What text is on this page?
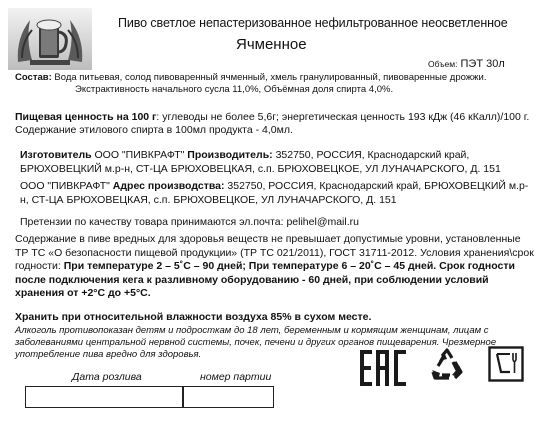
Пиво светлое непастеризованное нефильтрованное неосветленное
Ячменное
Объем: ПЭТ 30л
Состав: Вода питьевая, солод пивоваренный ячменный, хмель гранулированный, пивоваренные дрожжи.
Экстрактивность начального сусла 11,0%, Объёмная доля спирта 4,0%.
Пищевая ценность на 100 г: углеводы не более 5,6г; энергетическая ценность 193 кДж (46 кКалл)/100 г. Содержание этилового спирта в 100мл продукта - 4,0мл.
Изготовитель ООО "ПИВКРАФТ" Производитель: 352750, РОССИЯ, Краснодарский край, БРЮХОВЕЦКИЙ м.р-н, СТ-ЦА БРЮХОВЕЦКАЯ, с.п. БРЮХОВЕЦКОЕ, УЛ ЛУНАЧАРСКОГО, Д. 151
ООО "ПИВКРАФТ" Адрес производства: 352750, РОССИЯ, Краснодарский край, БРЮХОВЕЦКИЙ м.р-н, СТ-ЦА БРЮХОВЕЦКАЯ, с.п. БРЮХОВЕЦКОЕ, УЛ ЛУНАЧАРСКОГО, Д. 151
Претензии по качеству товара принимаются эл.почта: pelihel@mail.ru
Содержание в пиве вредных для здоровья веществ не превышает допустимые уровни, установленные ТР ТС «О безопасности пищевой продукции» (ТР ТС 021/2011), ГОСТ 31711-2012. Условия хранения\срок годности: При температуре 2 – 5˚С – 90 дней; При температуре 6 – 20˚С – 45 дней. Срок годности после подключения кега к разливному оборудованию - 60 дней, при соблюдении условий хранения от +2°С до +5°С.
Хранить при относительной влажности воздуха 85% в сухом месте.
Алкоголь противопоказан детям и подросткам до 18 лет, беременным и кормящим женщинам, лицам с заболеваниями центральной нервной системы, почек, печени и других органов пищеварения. Чрезмерное употребление пива вредно для здоровья.
Дата розлива	номер партии
